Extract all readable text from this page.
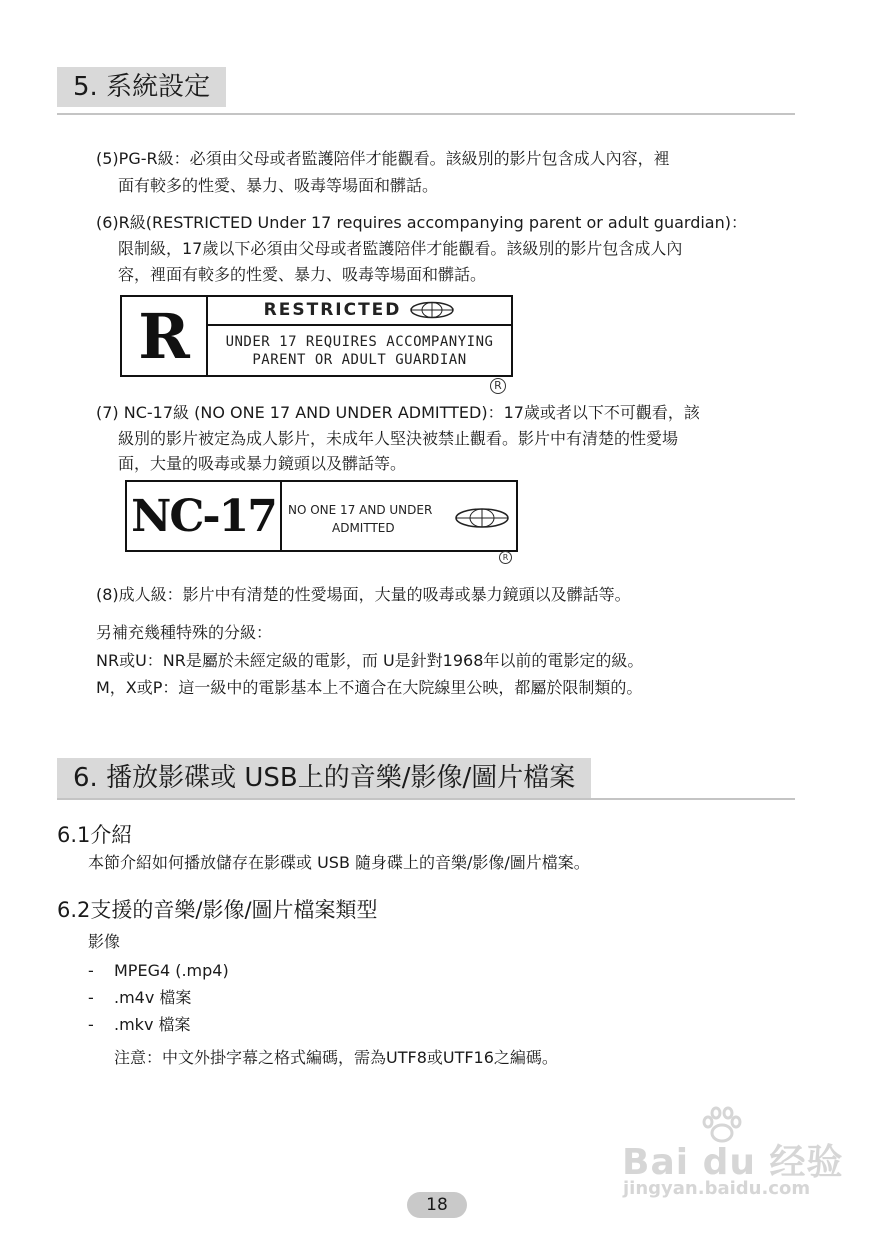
5. 系統設定
(5)PG-R級：必須由父母或者監護陪伴才能觀看。該級別的影片包含成人內容，裡
面有較多的性愛、暴力、吸毒等場面和髒話。
(6)R級(RESTRICTED Under 17 requires accompanying parent or adult guardian)：
限制級，17歲以下必須由父母或者監護陪伴才能觀看。該級別的影片包含成人內
容，裡面有較多的性愛、暴力、吸毒等場面和髒話。
R	RESTRICTED
UNDER 17 REQUIRES ACCOMPANYING
PARENT OR ADULT GUARDIAN
R
(7) NC-17級 (NO ONE 17 AND UNDER ADMITTED)：17歲或者以下不可觀看，該
級別的影片被定為成人影片，未成年人堅決被禁止觀看。影片中有清楚的性愛場
面，大量的吸毒或暴力鏡頭以及髒話等。
NC-17	NO ONE 17 AND UNDER
ADMITTED
R
(8)成人級：影片中有清楚的性愛場面，大量的吸毒或暴力鏡頭以及髒話等。
另補充幾種特殊的分級：
NR或U：NR是屬於未經定級的電影，而 U是針對1968年以前的電影定的級。
M，X或P：這一級中的電影基本上不適合在大院線里公映，都屬於限制類的。
6. 播放影碟或 USB上的音樂/影像/圖片檔案
6.1介紹
本節介紹如何播放儲存在影碟或 USB 隨身碟上的音樂/影像/圖片檔案。
6.2支援的音樂/影像/圖片檔案類型
影像
- MPEG4 (.mp4)
- .m4v 檔案
- .mkv 檔案
注意：中文外掛字幕之格式編碼，需為UTF8或UTF16之編碼。
Bai du 经验
jingyan.baidu.com
18
